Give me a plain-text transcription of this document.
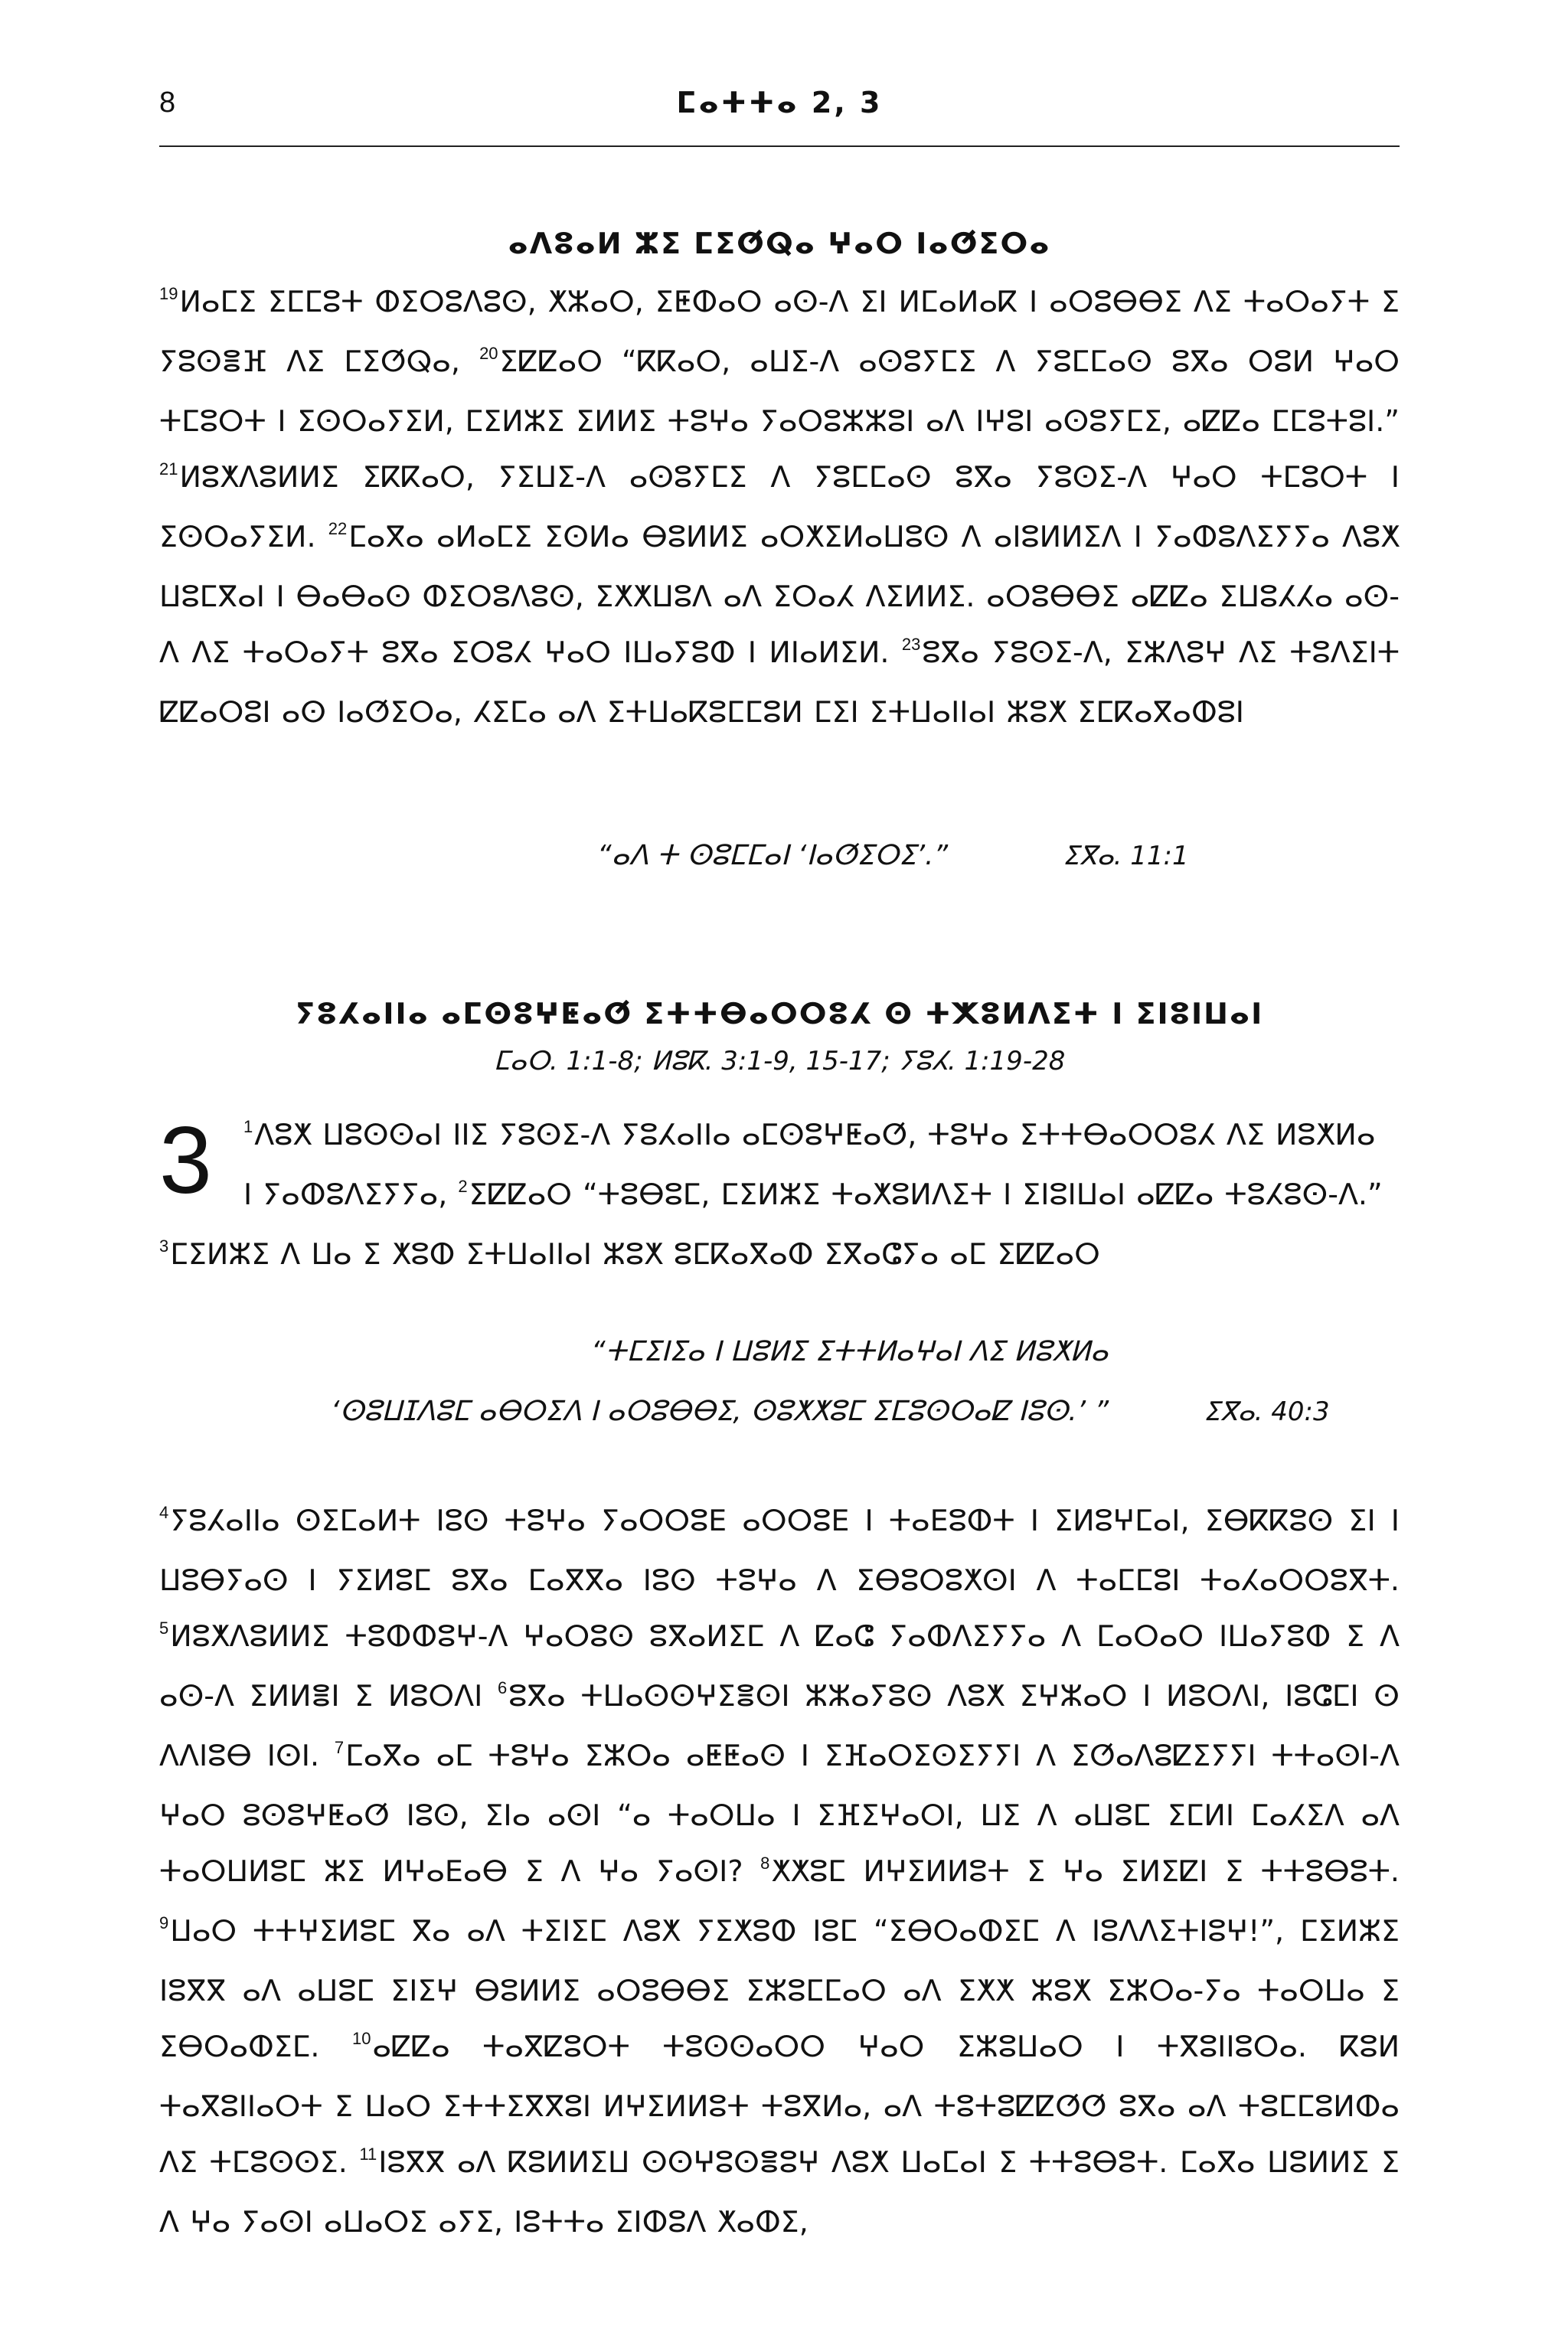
8	ⵎⴰⵜⵜⴰ 2, 3
ⴰⴷⵓⴰⵍ ⵣⵉ ⵎⵉⵚⵕⴰ ⵖⴰⵔ ⵏⴰⵚⵉⵔⴰ

$^{19}$ⵍⴰⵎⵉ ⵉⵎⵎⵓⵜ ⵀⵉⵔⵓⴷⵓⵙ, ⵅⵣⴰⵔ, ⵉⵟⵀⴰⵔ ⴰⵙ-ⴷ ⵉⵏ ⵍⵎⴰⵍⴰⴽ ⵏ ⴰⵔⵓⴱⴱⵉ ⴷⵉ ⵜⴰⵔⴰⵢⵜ ⵉ ⵢⵓⵙⴻⴼ ⴷⵉ ⵎⵉⵚⵕⴰ, $^{20}$ⵉⵇⵇⴰⵔ “ⴽⴽⴰⵔ, ⴰⵡⵉ-ⴷ ⴰⵙⵓⵢⵎⵉ ⴷ ⵢⵓⵎⵎⴰⵙ ⵓⴳⴰ ⵔⵓⵍ ⵖⴰⵔ ⵜⵎⵓⵔⵜ ⵏ ⵉⵙⵔⴰⵢⵉⵍ, ⵎⵉⵍⵣⵉ ⵉⵍⵍⵉ ⵜⵓⵖⴰ ⵢⴰⵔⵓⵣⵣⵓⵏ ⴰⴷ ⵏⵖⵓⵏ ⴰⵙⵓⵢⵎⵉ, ⴰⵇⵇⴰ ⵎⵎⵓⵜⵓⵏ.” $^{21}$ⵍⵓⵅⴷⵓⵍⵍⵉ ⵉⴽⴽⴰⵔ, ⵢⵉⵡⵉ-ⴷ ⴰⵙⵓⵢⵎⵉ ⴷ ⵢⵓⵎⵎⴰⵙ ⵓⴳⴰ ⵢⵓⵙⵉ-ⴷ ⵖⴰⵔ ⵜⵎⵓⵔⵜ ⵏ ⵉⵙⵔⴰⵢⵉⵍ. $^{22}$ⵎⴰⴳⴰ ⴰⵍⴰⵎⵉ ⵉⵙⵍⴰ ⴱⵓⵍⵍⵉ ⴰⵔⵅⵉⵍⴰⵡⵓⵙ ⴷ ⴰⵏⵓⵍⵍⵉⴷ ⵏ ⵢⴰⵀⵓⴷⵉⵢⵢⴰ ⴷⵓⵅ ⵡⵓⵎⴳⴰⵏ ⵏ ⴱⴰⴱⴰⵙ ⵀⵉⵔⵓⴷⵓⵙ, ⵉⵅⵅⵡⵓⴷ ⴰⴷ ⵉⵔⴰⵃ ⴷⵉⵍⵍⵉ. ⴰⵔⵓⴱⴱⵉ ⴰⵇⵇⴰ ⵉⵡⵓⵃⵃⴰ ⴰⵙ-ⴷ ⴷⵉ ⵜⴰⵔⴰⵢⵜ ⵓⴳⴰ ⵉⵔⵓⵃ ⵖⴰⵔ ⵏⵡⴰⵢⵓⵀ ⵏ ⵍⵏⴰⵍⵉⵍ. $^{23}$ⵓⴳⴰ ⵢⵓⵙⵉ-ⴷ, ⵉⵣⴷⵓⵖ ⴷⵉ ⵜⵓⴷⵉⵏⵜ ⵇⵇⴰⵔⵓⵏ ⴰⵙ ⵏⴰⵚⵉⵔⴰ, ⵃⵉⵎⴰ ⴰⴷ ⵉⵜⵡⴰⴽⵓⵎⵎⵓⵍ ⵎⵉⵏ ⵉⵜⵡⴰⵏⵏⴰⵏ ⵣⵓⵅ ⵉⵎⴽⴰⴳⴰⵀⵓⵏ

“ⴰⴷ ⵜ ⵙⵓⵎⵎⴰⵏ ‘ⵏⴰⵚⵉⵔⵉ’.”	ⵉⴳⴰ. 11:1
ⵢⵓⵃⴰⵏⵏⴰ ⴰⵎⵙⵓⵖⵟⴰⵚ ⵉⵜⵜⴱⴰⵔⵔⵓⵃ ⵙ ⵜⵅⵓⵍⴷⵉⵜ ⵏ ⵉⵏⵓⵏⵡⴰⵏ

ⵎⴰⵔ. 1:1-8; ⵍⵓⴽ. 3:1-9, 15-17; ⵢⵓⵃ. 1:19-28

3	$^1$ⴷⵓⵅ ⵡⵓⵙⵙⴰⵏ ⵏⵏⵉ ⵢⵓⵙⵉ-ⴷ ⵢⵓⵃⴰⵏⵏⴰ ⴰⵎⵙⵓⵖⵟⴰⵚ, ⵜⵓⵖⴰ ⵉⵜⵜⴱⴰⵔⵔⵓⵃ ⴷⵉ ⵍⵓⵅⵍⴰ
ⵏ ⵢⴰⵀⵓⴷⵉⵢⵢⴰ, $^2$ⵉⵇⵇⴰⵔ “ⵜⵓⴱⵓⵎ, ⵎⵉⵍⵣⵉ ⵜⴰⵅⵓⵍⴷⵉⵜ ⵏ ⵉⵏⵓⵏⵡⴰⵏ ⴰⵇⵇⴰ ⵜⵓⵃⵓⵙ-ⴷ.”
$^3$ⵎⵉⵍⵣⵉ ⴷ ⵡⴰ ⵉ ⵅⵓⵀ ⵉⵜⵡⴰⵏⵏⴰⵏ ⵣⵓⵅ ⵓⵎⴽⴰⴳⴰⵀ ⵉⴳⴰⵛⵢⴰ ⴰⵎ ⵉⵇⵇⴰⵔ

“ⵜⵎⵉⵏⵉⴰ ⵏ ⵡⵓⵍⵉ ⵉⵜⵜⵍⴰⵖⴰⵏ ⴷⵉ ⵍⵓⵅⵍⴰ
‘ⵙⵓⵡⵊⴷⵓⵎ ⴰⴱⵔⵉⴷ ⵏ ⴰⵔⵓⴱⴱⵉ, ⵙⵓⵅⵅⵓⵎ ⵉⵎⵓⵙⵔⴰⵇ ⵏⵓⵙ.’ ”	ⵉⴳⴰ. 40:3

$^4$ⵢⵓⵃⴰⵏⵏⴰ ⵙⵉⵎⴰⵍⵜ ⵏⵓⵙ ⵜⵓⵖⴰ ⵢⴰⵔⵔⵓⴹ ⴰⵔⵔⵓⴹ ⵏ ⵜⴰⴹⵓⵀⵜ ⵏ ⵉⵍⵓⵖⵎⴰⵏ, ⵉⴱⴽⴽⵓⵙ ⵉⵏ ⵏ ⵡⵓⴱⵢⴰⵙ ⵏ ⵢⵉⵍⵓⵎ ⵓⴳⴰ ⵎⴰⴳⴳⴰ ⵏⵓⵙ ⵜⵓⵖⴰ ⴷ ⵉⴱⵓⵔⵓⵅⵙⵏ ⴷ ⵜⴰⵎⵎⵓⵏ ⵜⴰⵃⴰⵔⵔⵓⴳⵜ. $^5$ⵍⵓⵅⴷⵓⵍⵍⵉ ⵜⵓⵀⵀⵓⵖ-ⴷ ⵖⴰⵔⵓⵙ ⵓⴳⴰⵍⵉⵎ ⴷ ⵇⴰⵛ ⵢⴰⵀⴷⵉⵢⵢⴰ ⴷ ⵎⴰⵔⴰⵔ ⵏⵡⴰⵢⵓⵀ ⵉ ⴷ ⴰⵙ-ⴷ ⵉⵍⵍⴻⵏ ⵉ ⵍⵓⵔⴷⵏ $^6$ⵓⴳⴰ ⵜⵡⴰⵙⵙⵖⵉⴻⵙⵏ ⵣⵣⴰⵢⵓⵙ ⴷⵓⵅ ⵉⵖⵣⴰⵔ ⵏ ⵍⵓⵔⴷⵏ, ⵏⵓⵛⵎⵏ ⵙ ⴷⴷⵏⵓⴱ ⵏⵙⵏ. $^7$ⵎⴰⴳⴰ ⴰⵎ ⵜⵓⵖⴰ ⵉⵣⵔⴰ ⴰⵟⵟⴰⵙ ⵏ ⵉⴼⴰⵔⵉⵙⵉⵢⵢⵏ ⴷ ⵉⵚⴰⴷⵓⵇⵉⵢⵢⵏ ⵜⵜⴰⵙⵏ-ⴷ ⵖⴰⵔ ⵓⵙⵓⵖⵟⴰⵚ ⵏⵓⵙ, ⵉⵏⴰ ⴰⵙⵏ “ⴰ ⵜⴰⵔⵡⴰ ⵏ ⵉⴼⵉⵖⴰⵔⵏ, ⵡⵉ ⴷ ⴰⵡⵓⵎ ⵉⵎⵍⵏ ⵎⴰⵃⵉⴷ ⴰⴷ ⵜⴰⵔⵡⵍⵓⵎ ⵣⵉ ⵍⵖⴰⴹⴰⴱ ⵉ ⴷ ⵖⴰ ⵢⴰⵙⵏ? $^8$ⵅⵅⵓⵎ ⵍⵖⵉⵍⵍⵓⵜ ⵉ ⵖⴰ ⵉⵍⵉⵇⵏ ⵉ ⵜⵜⵓⴱⵓⵜ. $^9$ⵡⴰⵔ ⵜⵜⵖⵉⵍⵓⵎ ⴳⴰ ⴰⴷ ⵜⵉⵏⵉⵎ ⴷⵓⵅ ⵢⵉⵅⵓⵀ ⵏⵓⵎ “ⵉⴱⵔⴰⵀⵉⵎ ⴷ ⵏⵓⴷⴷⵉⵜⵏⵓⵖ!”, ⵎⵉⵍⵣⵉ ⵏⵓⴳⴳ ⴰⴷ ⴰⵡⵓⵎ ⵉⵏⵉⵖ ⴱⵓⵍⵍⵉ ⴰⵔⵓⴱⴱⵉ ⵉⵣⵓⵎⵎⴰⵔ ⴰⴷ ⵉⵅⵅ ⵣⵓⵅ ⵉⵣⵔⴰ-ⵢⴰ ⵜⴰⵔⵡⴰ ⵉ ⵉⴱⵔⴰⵀⵉⵎ. $^{10}$ⴰⵇⵇⴰ ⵜⴰⴳⵇⵓⵔⵜ ⵜⵓⵙⵙⴰⵔⵔ ⵖⴰⵔ ⵉⵣⵓⵡⴰⵔ ⵏ ⵜⴳⵓⵏⵏⵓⵔⴰ. ⴽⵓⵍ ⵜⴰⴳⵓⵏⵏⴰⵔⵜ ⵉ ⵡⴰⵔ ⵉⵜⵜⵉⴳⴳⵓⵏ ⵍⵖⵉⵍⵍⵓⵜ ⵜⵓⴳⵍⴰ, ⴰⴷ ⵜⵓⵜⵓⵇⵇⵚⵚ ⵓⴳⴰ ⴰⴷ ⵜⵓⵎⵎⵓⵍⵀⴰ ⴷⵉ ⵜⵎⵓⵙⵙⵉ. $^{11}$ⵏⵓⴳⴳ ⴰⴷ ⴽⵓⵍⵍⵉⵡ ⵙⵙⵖⵓⵙⴻⵓⵖ ⴷⵓⵅ ⵡⴰⵎⴰⵏ ⵉ ⵜⵜⵓⴱⵓⵜ. ⵎⴰⴳⴰ ⵡⵓⵍⵍⵉ ⵉ ⴷ ⵖⴰ ⵢⴰⵙⵏ ⴰⵡⴰⵔⵉ ⴰⵢⵉ, ⵏⵓⵜⵜⴰ ⵉⵏⵀⵓⴷ ⵅⴰⵀⵉ,
